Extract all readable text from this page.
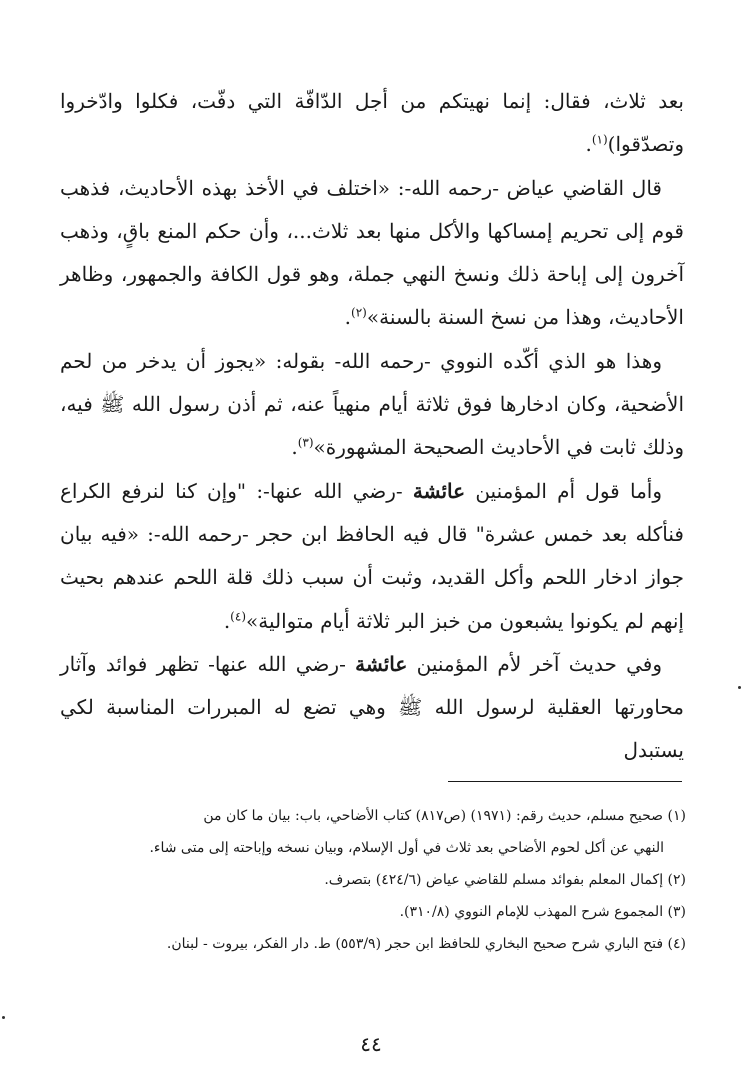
بعد ثلاث، فقال: إنما نهيتكم من أجل الدّافّة التي دفّت، فكلوا وادّخروا وتصدّقوا)$^{(١)}$.

قال القاضي عياض -رحمه الله-: «اختلف في الأخذ بهذه الأحاديث، فذهب قوم إلى تحريم إمساكها والأكل منها بعد ثلاث...، وأن حكم المنع باقٍ، وذهب آخرون إلى إباحة ذلك ونسخ النهي جملة، وهو قول الكافة والجمهور، وظاهر الأحاديث، وهذا من نسخ السنة بالسنة»$^{(٢)}$.

وهذا هو الذي أكّده النووي -رحمه الله- بقوله: «يجوز أن يدخر من لحم الأضحية، وكان ادخارها فوق ثلاثة أيام منهياً عنه، ثم أذن رسول الله ﷺ فيه، وذلك ثابت في الأحاديث الصحيحة المشهورة»$^{(٣)}$.

وأما قول أم المؤمنين عائشة -رضي الله عنها-: "وإن كنا لنرفع الكراع فنأكله بعد خمس عشرة" قال فيه الحافظ ابن حجر -رحمه الله-: «فيه بيان جواز ادخار اللحم وأكل القديد، وثبت أن سبب ذلك قلة اللحم عندهم بحيث إنهم لم يكونوا يشبعون من خبز البر ثلاثة أيام متوالية»$^{(٤)}$.

وفي حديث آخر لأم المؤمنين عائشة -رضي الله عنها- تظهر فوائد وآثار محاورتها العقلية لرسول الله ﷺ وهي تضع له المبررات المناسبة لكي يستبدل

(١) صحيح مسلم، حديث رقم: (١٩٧١) (ص٨١٧) كتاب الأضاحي، باب: بيان ما كان من

النهي عن أكل لحوم الأضاحي بعد ثلاث في أول الإسلام، وبيان نسخه وإباحته إلى متى شاء.

(٢) إكمال المعلم بفوائد مسلم للقاضي عياض (٤٢٤/٦) بتصرف.

(٣) المجموع شرح المهذب للإمام النووي (٣١٠/٨).

(٤) فتح الباري شرح صحيح البخاري للحافظ ابن حجر (٥٥٣/٩) ط. دار الفكر، بيروت - لبنان.

٤٤
